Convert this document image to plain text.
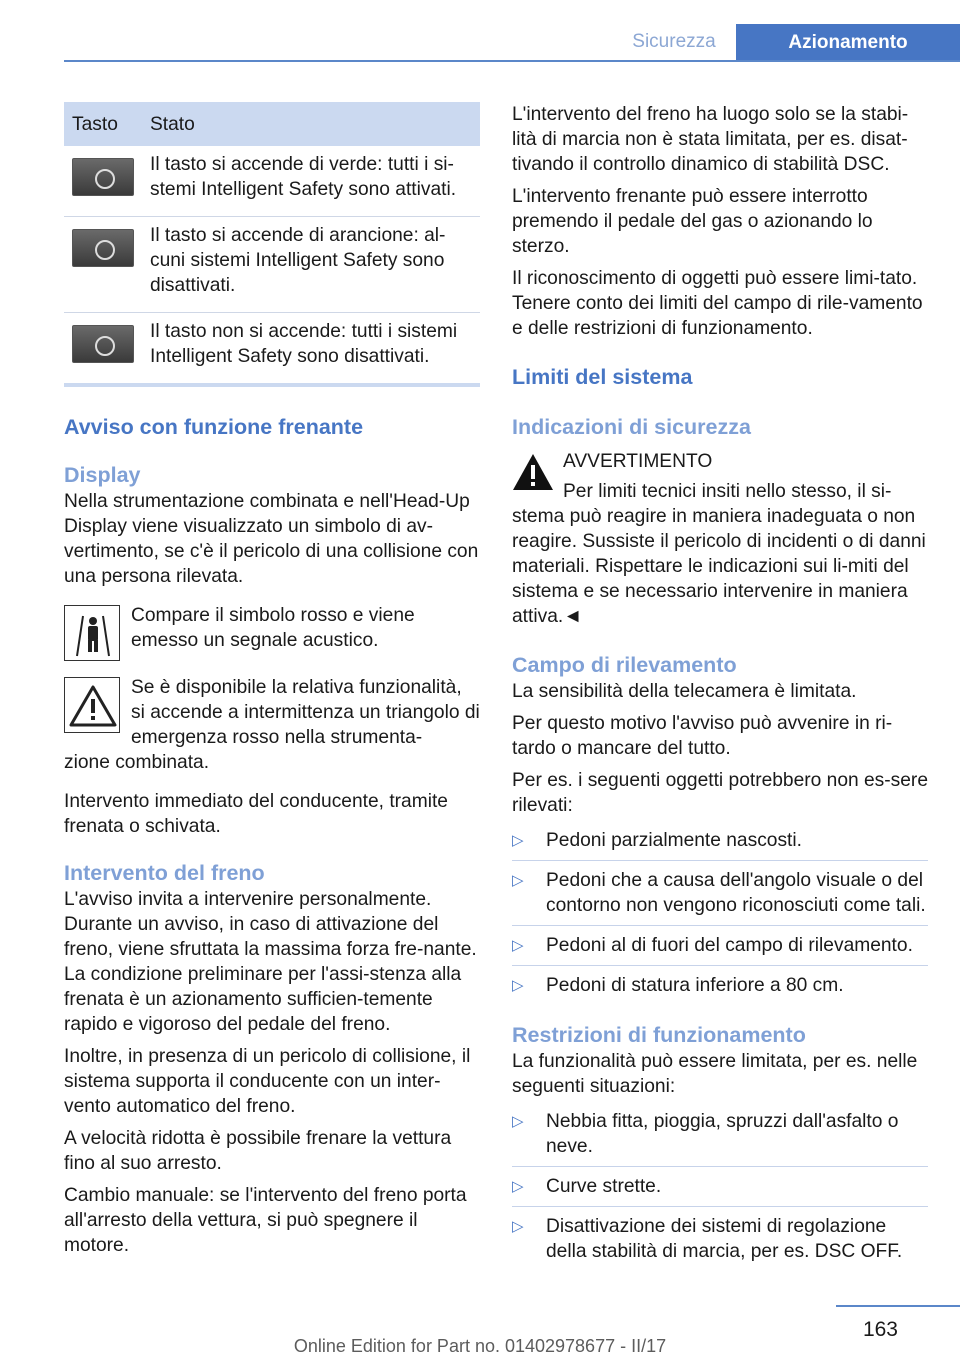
Sicurezza	Azionamento
Tasto	Stato

	Il tasto si accende di verde: tutti i si-stemi Intelligent Safety sono attivati.

	Il tasto si accende di arancione: al-cuni sistemi Intelligent Safety sono disattivati.

	Il tasto non si accende: tutti i sistemi Intelligent Safety sono disattivati.
Avviso con funzione frenante
Display

Nella strumentazione combinata e nell'Head-Up Display viene visualizzato un simbolo di av-vertimento, se c'è il pericolo di una collisione con una persona rilevata.

Compare il simbolo rosso e viene emesso un segnale acustico.

Se è disponibile la relativa funzionalità, si accende a intermittenza un triangolo di emergenza rosso nella strumenta-

zione combinata.

Intervento immediato del conducente, tramite frenata o schivata.

Intervento del freno

L'avviso invita a intervenire personalmente. Durante un avviso, in caso di attivazione del freno, viene sfruttata la massima forza fre-nante. La condizione preliminare per l'assi-stenza alla frenata è un azionamento sufficien-temente rapido e vigoroso del pedale del freno.

Inoltre, in presenza di un pericolo di collisione, il sistema supporta il conducente con un inter-vento automatico del freno.

A velocità ridotta è possibile frenare la vettura fino al suo arresto.

Cambio manuale: se l'intervento del freno porta all'arresto della vettura, si può spegnere il motore.

L'intervento del freno ha luogo solo se la stabi-lità di marcia non è stata limitata, per es. disat-tivando il controllo dinamico di stabilità DSC.

L'intervento frenante può essere interrotto premendo il pedale del gas o azionando lo sterzo.

Il riconoscimento di oggetti può essere limi-tato. Tenere conto dei limiti del campo di rile-vamento e delle restrizioni di funzionamento.

Limiti del sistema
Indicazioni di sicurezza

AVVERTIMENTO

Per limiti tecnici insiti nello stesso, il si-stema può reagire in maniera inadeguata o non reagire. Sussiste il pericolo di incidenti o di danni materiali. Rispettare le indicazioni sui li-miti del sistema e se necessario intervenire in maniera attiva.◄

Campo di rilevamento

La sensibilità della telecamera è limitata.

Per questo motivo l'avviso può avvenire in ri-tardo o mancare del tutto.

Per es. i seguenti oggetti potrebbero non es-sere rilevati:

▷ Pedoni parzialmente nascosti.
▷ Pedoni che a causa dell'angolo visuale o del contorno non vengono riconosciuti come tali.
▷ Pedoni al di fuori del campo di rilevamento.
▷ Pedoni di statura inferiore a 80 cm.
Restrizioni di funzionamento

La funzionalità può essere limitata, per es. nelle seguenti situazioni:

▷ Nebbia fitta, pioggia, spruzzi dall'asfalto o neve.
▷ Curve strette.
▷ Disattivazione dei sistemi di regolazione della stabilità di marcia, per es. DSC OFF.
163
Online Edition for Part no. 01402978677 - II/17
